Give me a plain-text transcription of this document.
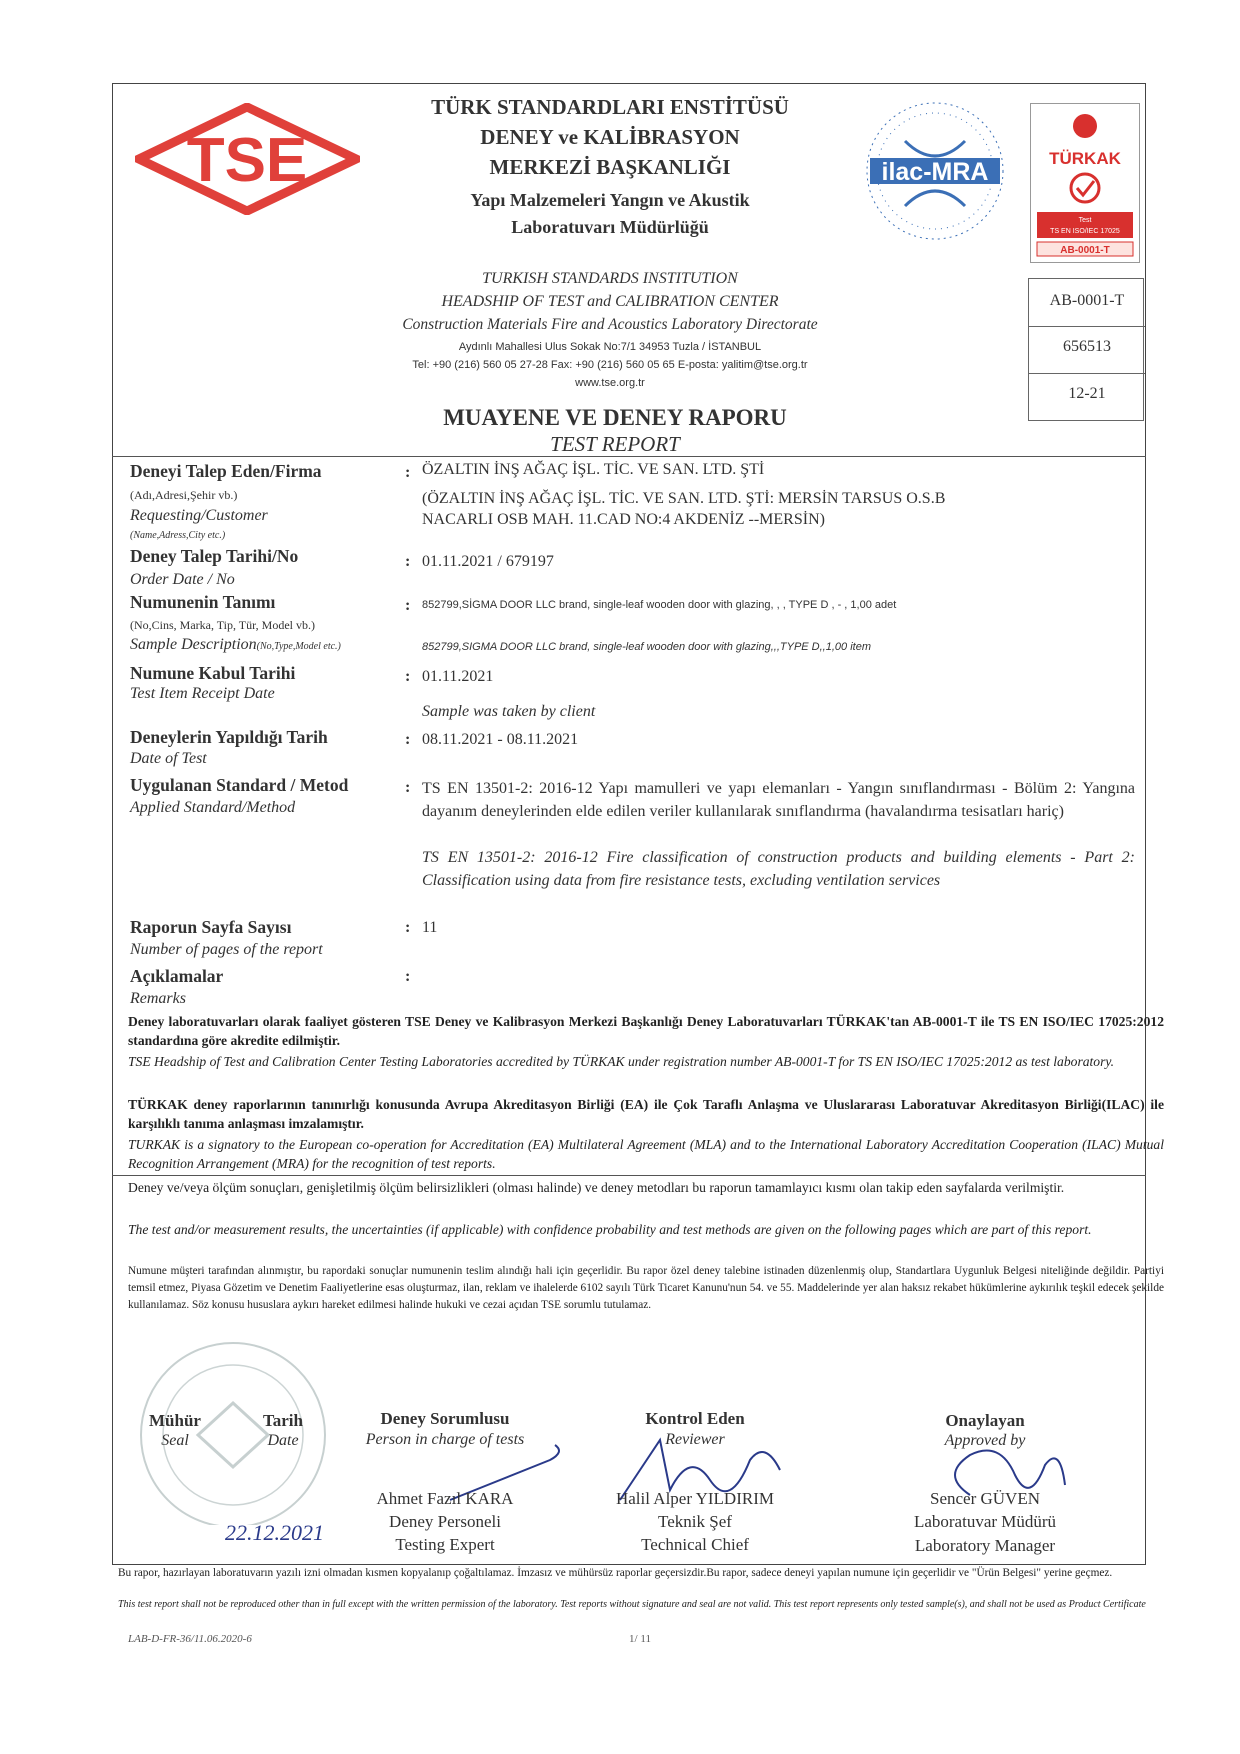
TSE
TÜRK STANDARDLARI ENSTİTÜSÜ
DENEY ve KALİBRASYON
MERKEZİ BAŞKANLIĞI
Yapı Malzemeleri Yangın ve Akustik
Laboratuvarı Müdürlüğü
ilac-MRA	TÜRKAK
Test
TS EN ISO/IEC 17025
AB-0001-T
TURKISH STANDARDS INSTITUTION
HEADSHIP OF TEST and CALIBRATION CENTER
Construction Materials Fire and Acoustics Laboratory Directorate
Aydınlı Mahallesi Ulus Sokak No:7/1 34953 Tuzla / İSTANBUL
Tel: +90 (216) 560 05 27-28 Fax: +90 (216) 560 05 65 E-posta: yalitim@tse.org.tr
www.tse.org.tr
AB-0001-T
656513
12-21
MUAYENE VE DENEY RAPORU
TEST REPORT
Deneyi Talep Eden/Firma
(Adı,Adresi,Şehir vb.)
Requesting/Customer
(Name,Adress,City etc.)
: ÖZALTIN İNŞ AĞAÇ İŞL. TİC. VE SAN. LTD. ŞTİ
(ÖZALTIN İNŞ AĞAÇ İŞL. TİC. VE SAN. LTD. ŞTİ: MERSİN TARSUS O.S.B
NACARLI OSB MAH. 11.CAD NO:4 AKDENİZ --MERSİN)
Deney Talep Tarihi/No
Order Date / No
: 01.11.2021 / 679197
Numunenin Tanımı
(No,Cins, Marka, Tip, Tür, Model vb.)
Sample Description(No,Type,Model etc.)
: 852799,SİGMA DOOR LLC brand, single-leaf wooden door with glazing, , , TYPE D , - , 1,00 adet
852799,SIGMA DOOR LLC brand, single-leaf wooden door with glazing,,,TYPE D,,1,00 item
Numune Kabul Tarihi
Test Item Receipt Date
: 01.11.2021
Sample was taken by client
Deneylerin Yapıldığı Tarih
Date of Test
: 08.11.2021 - 08.11.2021
Uygulanan Standard / Metod
Applied Standard/Method
: TS EN 13501-2: 2016-12 Yapı mamulleri ve yapı elemanları - Yangın sınıflandırması - Bölüm 2: Yangına dayanım deneylerinden elde edilen veriler kullanılarak sınıflandırma (havalandırma tesisatları hariç)
TS EN 13501-2: 2016-12 Fire classification of construction products and building elements - Part 2: Classification using data from fire resistance tests, excluding ventilation services
Raporun Sayfa Sayısı
Number of pages of the report
: 11
Açıklamalar
Remarks
:
Deney laboratuvarları olarak faaliyet gösteren TSE Deney ve Kalibrasyon Merkezi Başkanlığı Deney Laboratuvarları TÜRKAK'tan AB-0001-T ile TS EN ISO/IEC 17025:2012 standardına göre akredite edilmiştir.
TSE Headship of Test and Calibration Center Testing Laboratories accredited by TÜRKAK under registration number AB-0001-T for TS EN ISO/IEC 17025:2012 as test laboratory.
TÜRKAK deney raporlarının tanınırlığı konusunda Avrupa Akreditasyon Birliği (EA) ile Çok Taraflı Anlaşma ve Uluslararası Laboratuvar Akreditasyon Birliği(ILAC) ile karşılıklı tanıma anlaşması imzalamıştır.
TURKAK is a signatory to the European co-operation for Accreditation (EA) Multilateral Agreement (MLA) and to the International Laboratory Accreditation Cooperation (ILAC) Mutual Recognition Arrangement (MRA) for the recognition of test reports.
Deney ve/veya ölçüm sonuçları, genişletilmiş ölçüm belirsizlikleri (olması halinde) ve deney metodları bu raporun tamamlayıcı kısmı olan takip eden sayfalarda verilmiştir.
The test and/or measurement results, the uncertainties (if applicable) with confidence probability and test methods are given on the following pages which are part of this report.
Numune müşteri tarafından alınmıştır, bu rapordaki sonuçlar numunenin teslim alındığı hali için geçerlidir. Bu rapor özel deney talebine istinaden düzenlenmiş olup, Standartlara Uygunluk Belgesi niteliğinde değildir. Partiyi temsil etmez, Piyasa Gözetim ve Denetim Faaliyetlerine esas oluşturmaz, ilan, reklam ve ihalelerde 6102 sayılı Türk Ticaret Kanunu'nun 54. ve 55. Maddelerinde yer alan haksız rekabet hükümlerine aykırılık teşkil edecek şekilde kullanılamaz. Söz konusu hususlara aykırı hareket edilmesi halinde hukuki ve cezai açıdan TSE sorumlu tutulamaz.
Mühür
Seal
Tarih
Date
22.12.2021
Deney Sorumlusu
Person in charge of tests
Ahmet Fazıl KARA
Deney Personeli
Testing Expert
Kontrol Eden
Reviewer
Halil Alper YILDIRIM
Teknik Şef
Technical Chief
Onaylayan
Approved by
Sencer GÜVEN
Laboratuvar Müdürü
Laboratory Manager
Bu rapor, hazırlayan laboratuvarın yazılı izni olmadan kısmen kopyalanıp çoğaltılamaz. İmzasız ve mühürsüz raporlar geçersizdir.Bu rapor, sadece deneyi yapılan numune için geçerlidir ve "Ürün Belgesi" yerine geçmez.
This test report shall not be reproduced other than in full except with the written permission of the laboratory. Test reports without signature and seal are not valid. This test report represents only tested sample(s), and shall not be used as Product Certificate
LAB-D-FR-36/11.06.2020-6	1/ 11
